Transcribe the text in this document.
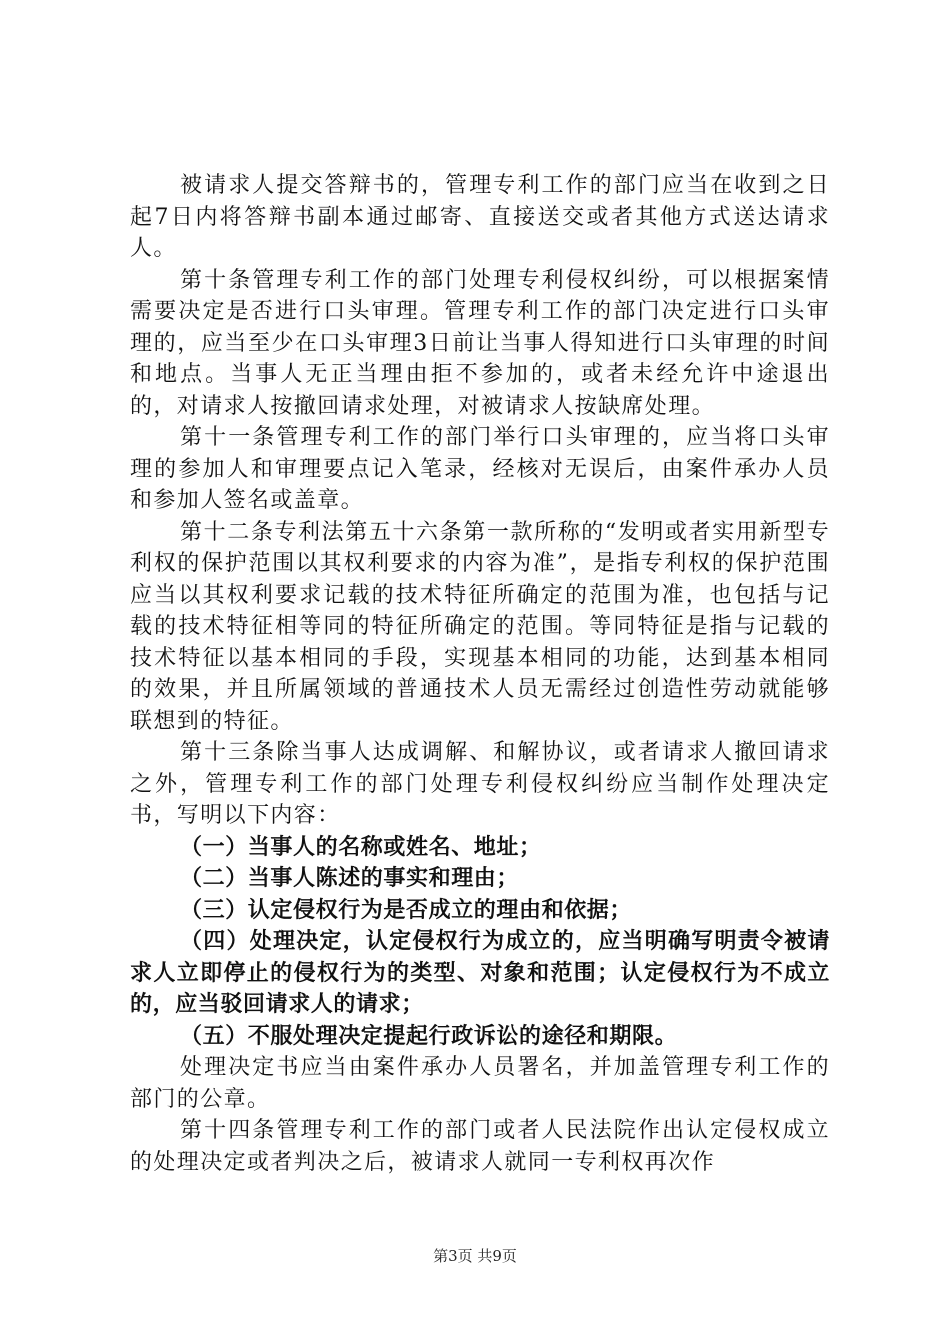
被请求人提交答辩书的，管理专利工作的部门应当在收到之日起7日内将答辩书副本通过邮寄、直接送交或者其他方式送达请求人。

第十条管理专利工作的部门处理专利侵权纠纷，可以根据案情需要决定是否进行口头审理。管理专利工作的部门决定进行口头审理的，应当至少在口头审理3日前让当事人得知进行口头审理的时间和地点。当事人无正当理由拒不参加的，或者未经允许中途退出的，对请求人按撤回请求处理，对被请求人按缺席处理。

第十一条管理专利工作的部门举行口头审理的，应当将口头审理的参加人和审理要点记入笔录，经核对无误后，由案件承办人员和参加人签名或盖章。

第十二条专利法第五十六条第一款所称的“发明或者实用新型专利权的保护范围以其权利要求的内容为准”，是指专利权的保护范围应当以其权利要求记载的技术特征所确定的范围为准，也包括与记载的技术特征相等同的特征所确定的范围。等同特征是指与记载的技术特征以基本相同的手段，实现基本相同的功能，达到基本相同的效果，并且所属领域的普通技术人员无需经过创造性劳动就能够联想到的特征。

第十三条除当事人达成调解、和解协议，或者请求人撤回请求之外，管理专利工作的部门处理专利侵权纠纷应当制作处理决定书，写明以下内容：

（一）当事人的名称或姓名、地址；

（二）当事人陈述的事实和理由；

（三）认定侵权行为是否成立的理由和依据；

（四）处理决定，认定侵权行为成立的，应当明确写明责令被请求人立即停止的侵权行为的类型、对象和范围；认定侵权行为不成立的，应当驳回请求人的请求；

（五）不服处理决定提起行政诉讼的途径和期限。

处理决定书应当由案件承办人员署名，并加盖管理专利工作的部门的公章。

第十四条管理专利工作的部门或者人民法院作出认定侵权成立的处理决定或者判决之后，被请求人就同一专利权再次作

第3页 共9页
